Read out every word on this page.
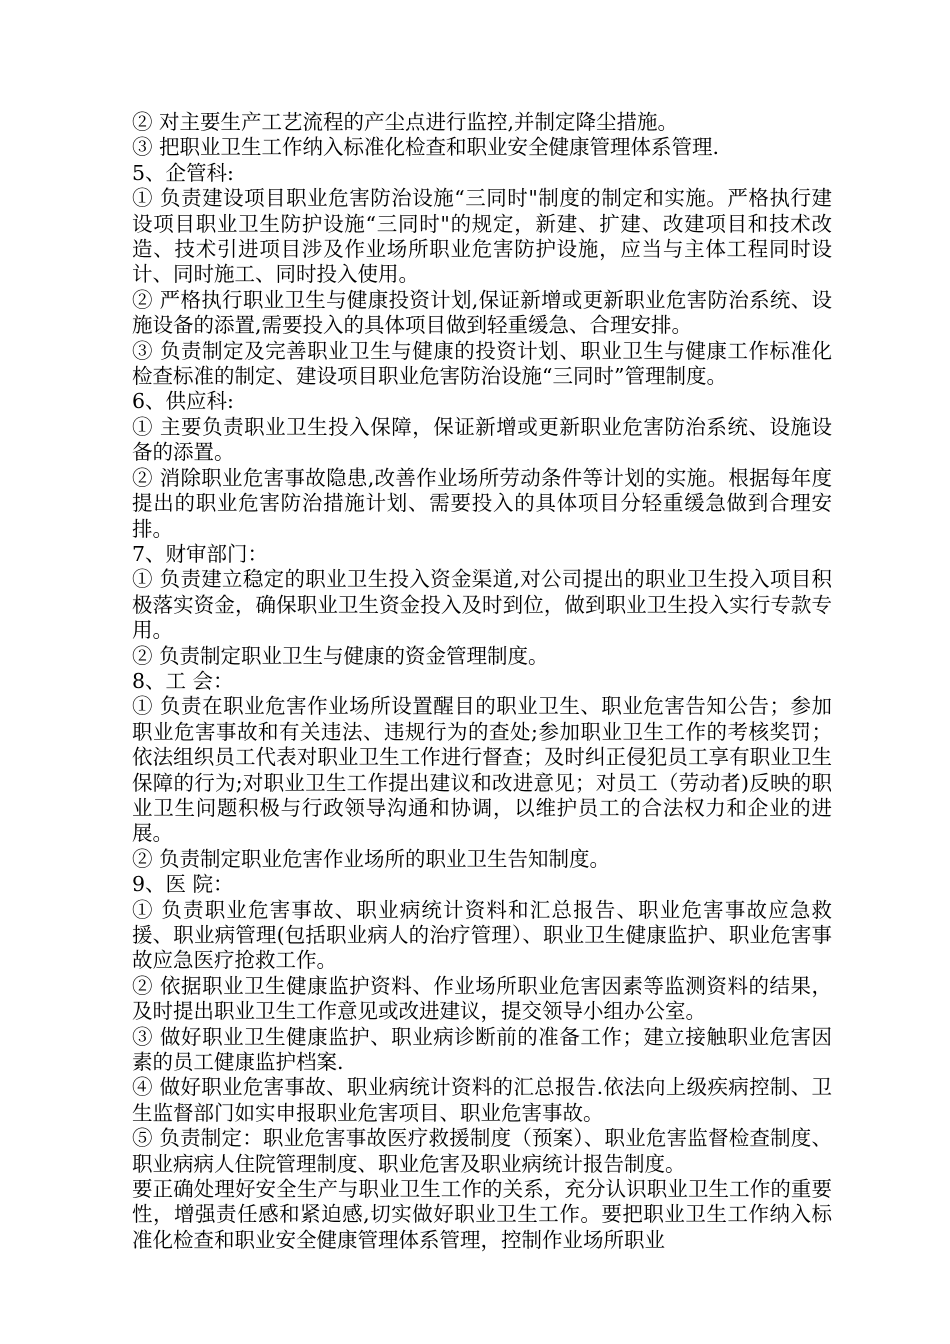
② 对主要生产工艺流程的产尘点进行监控,并制定降尘措施。

③ 把职业卫生工作纳入标准化检查和职业安全健康管理体系管理.

5、企管科:

① 负责建设项目职业危害防治设施“三同时"制度的制定和实施。严格执行建设项目职业卫生防护设施“三同时"的规定，新建、扩建、改建项目和技术改造、技术引进项目涉及作业场所职业危害防护设施，应当与主体工程同时设计、同时施工、同时投入使用。

② 严格执行职业卫生与健康投资计划,保证新增或更新职业危害防治系统、设施设备的添置,需要投入的具体项目做到轻重缓急、合理安排。

③ 负责制定及完善职业卫生与健康的投资计划、职业卫生与健康工作标准化检查标准的制定、建设项目职业危害防治设施“三同时”管理制度。

6、供应科:

① 主要负责职业卫生投入保障，保证新增或更新职业危害防治系统、设施设备的添置。

② 消除职业危害事故隐患,改善作业场所劳动条件等计划的实施。根据每年度提出的职业危害防治措施计划、需要投入的具体项目分轻重缓急做到合理安排。

7、财审部门：

① 负责建立稳定的职业卫生投入资金渠道,对公司提出的职业卫生投入项目积极落实资金，确保职业卫生资金投入及时到位，做到职业卫生投入实行专款专用。

② 负责制定职业卫生与健康的资金管理制度。

8、工 会：

① 负责在职业危害作业场所设置醒目的职业卫生、职业危害告知公告；参加职业危害事故和有关违法、违规行为的查处;参加职业卫生工作的考核奖罚；依法组织员工代表对职业卫生工作进行督查；及时纠正侵犯员工享有职业卫生保障的行为;对职业卫生工作提出建议和改进意见；对员工（劳动者)反映的职业卫生问题积极与行政领导沟通和协调，以维护员工的合法权力和企业的进展。

② 负责制定职业危害作业场所的职业卫生告知制度。

9、医 院：

① 负责职业危害事故、职业病统计资料和汇总报告、职业危害事故应急救援、职业病管理(包括职业病人的治疗管理）、职业卫生健康监护、职业危害事故应急医疗抢救工作。

② 依据职业卫生健康监护资料、作业场所职业危害因素等监测资料的结果，及时提出职业卫生工作意见或改进建议，提交领导小组办公室。

③ 做好职业卫生健康监护、职业病诊断前的准备工作；建立接触职业危害因素的员工健康监护档案.

④ 做好职业危害事故、职业病统计资料的汇总报告.依法向上级疾病控制、卫生监督部门如实申报职业危害项目、职业危害事故。

⑤ 负责制定：职业危害事故医疗救援制度（预案）、职业危害监督检查制度、职业病病人住院管理制度、职业危害及职业病统计报告制度。

要正确处理好安全生产与职业卫生工作的关系，充分认识职业卫生工作的重要性，增强责任感和紧迫感,切实做好职业卫生工作。要把职业卫生工作纳入标准化检查和职业安全健康管理体系管理，控制作业场所职业
